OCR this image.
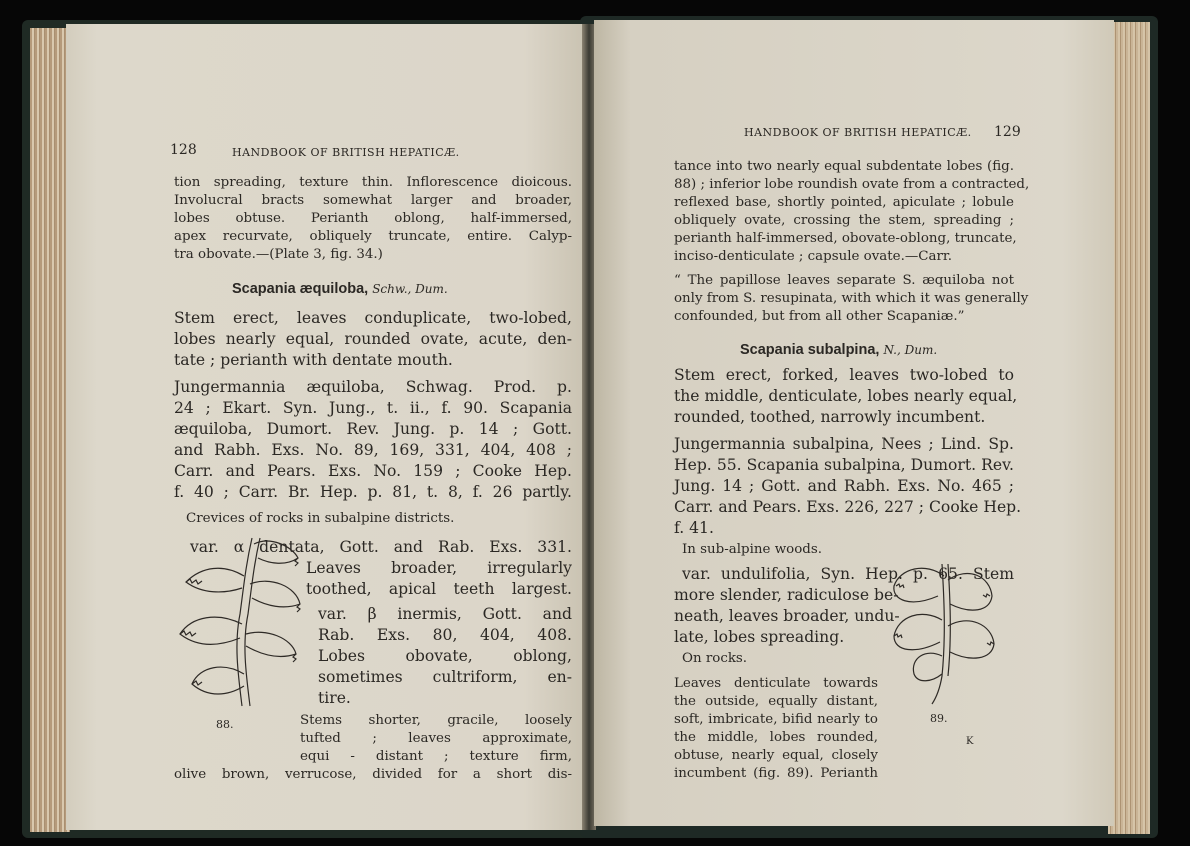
128	HANDBOOK OF BRITISH HEPATICÆ.
tion spreading, texture thin. Inflorescence dioicous.
Involucral bracts somewhat larger and broader,
lobes obtuse. Perianth oblong, half-immersed,
apex recurvate, obliquely truncate, entire. Calyp-
tra obovate.—(Plate 3, fig. 34.)
Scapania æquiloba, Schw., Dum.
Stem erect, leaves conduplicate, two-lobed,
lobes nearly equal, rounded ovate, acute, den-
tate ; perianth with dentate mouth.
Jungermannia æquiloba, Schwag. Prod. p.
24 ; Ekart. Syn. Jung., t. ii., f. 90. Scapania
æquiloba, Dumort. Rev. Jung. p. 14 ; Gott.
and Rabh. Exs. No. 89, 169, 331, 404, 408 ;
Carr. and Pears. Exs. No. 159 ; Cooke Hep.
f. 40 ; Carr. Br. Hep. p. 81, t. 8, f. 26 partly.
Crevices of rocks in subalpine districts.
var. α dentata, Gott. and Rab. Exs. 331.
Leaves broader, irregularly
toothed, apical teeth largest.
var. β inermis, Gott. and
Rab. Exs. 80, 404, 408.
Lobes obovate, oblong,
sometimes cultriform, en-
tire.
Stems shorter, gracile, loosely
tufted ; leaves approximate,
equi - distant ; texture firm,
olive brown, verrucose, divided for a short dis-
88.
HANDBOOK OF BRITISH HEPATICÆ. 129
tance into two nearly equal subdentate lobes (fig.
88) ; inferior lobe roundish ovate from a contracted,
reflexed base, shortly pointed, apiculate ; lobule
obliquely ovate, crossing the stem, spreading ;
perianth half-immersed, obovate-oblong, truncate,
inciso-denticulate ; capsule ovate.—Carr.
“ The papillose leaves separate S. æquiloba not
only from S. resupinata, with which it was generally
confounded, but from all other Scapaniæ.”
Scapania subalpina, N., Dum.
Stem erect, forked, leaves two-lobed to
the middle, denticulate, lobes nearly equal,
rounded, toothed, narrowly incumbent.
Jungermannia subalpina, Nees ; Lind. Sp.
Hep. 55. Scapania subalpina, Dumort. Rev.
Jung. 14 ; Gott. and Rabh. Exs. No. 465 ;
Carr. and Pears. Exs. 226, 227 ; Cooke Hep.
f. 41.
In sub-alpine woods.
var. undulifolia, Syn. Hep. p. 65. Stem
more slender, radiculose be-
neath, leaves broader, undu-
late, lobes spreading.
On rocks.
Leaves denticulate towards
the outside, equally distant,
soft, imbricate, bifid nearly to
the middle, lobes rounded,
obtuse, nearly equal, closely
incumbent (fig. 89). Perianth
89.
K
